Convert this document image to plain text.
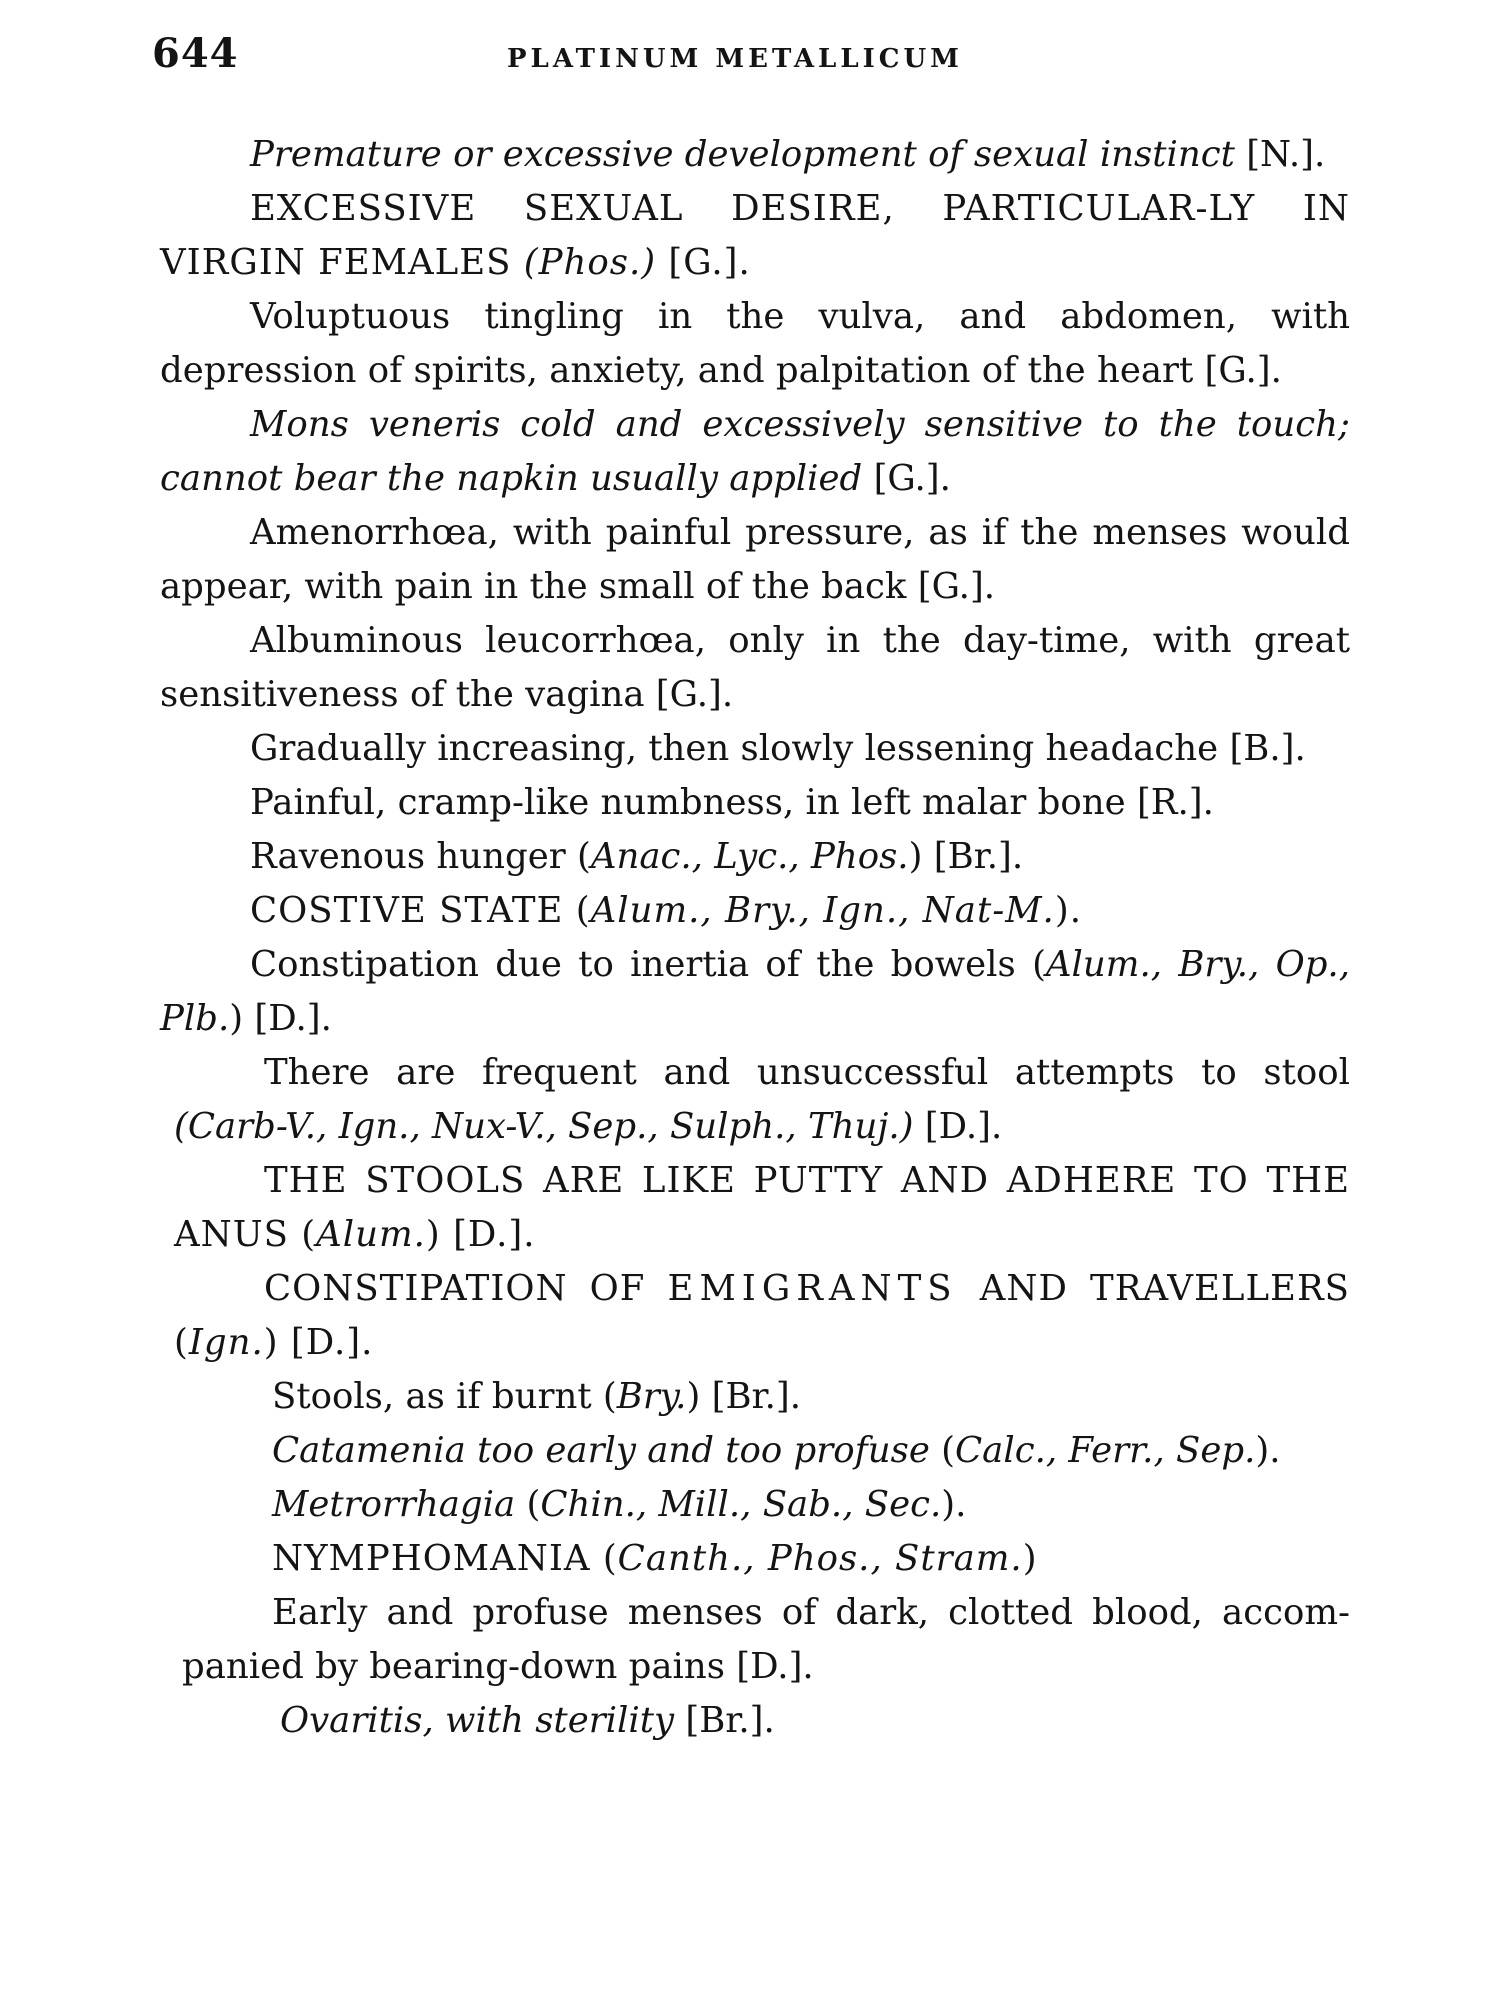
644	PLATINUM METALLICUM

Premature or excessive development of sexual instinct [N.].

EXCESSIVE SEXUAL DESIRE, PARTICULAR-LY IN VIRGIN FEMALES (Phos.) [G.].

Voluptuous tingling in the vulva, and abdomen, with depression of spirits, anxiety, and palpitation of the heart [G.].

Mons veneris cold and excessively sensitive to the touch; cannot bear the napkin usually applied [G.].

Amenorrhœa, with painful pressure, as if the menses would appear, with pain in the small of the back [G.].

Albuminous leucorrhœa, only in the day-time, with great sensitiveness of the vagina [G.].

Gradually increasing, then slowly lessening headache [B.].

Painful, cramp-like numbness, in left malar bone [R.].

Ravenous hunger (Anac., Lyc., Phos.) [Br.].

COSTIVE STATE (Alum., Bry., Ign., Nat-M.).

Constipation due to inertia of the bowels (Alum., Bry., Op., Plb.) [D.].

There are frequent and unsuccessful attempts to stool (Carb-V., Ign., Nux-V., Sep., Sulph., Thuj.) [D.].

THE STOOLS ARE LIKE PUTTY AND ADHERE TO THE ANUS (Alum.) [D.].

CONSTIPATION OF EMIGRANTS AND TRAVELLERS (Ign.) [D.].

Stools, as if burnt (Bry.) [Br.].

Catamenia too early and too profuse (Calc., Ferr., Sep.).

Metrorrhagia (Chin., Mill., Sab., Sec.).

NYMPHOMANIA (Canth., Phos., Stram.)

Early and profuse menses of dark, clotted blood, accom-panied by bearing-down pains [D.].

Ovaritis, with sterility [Br.].
